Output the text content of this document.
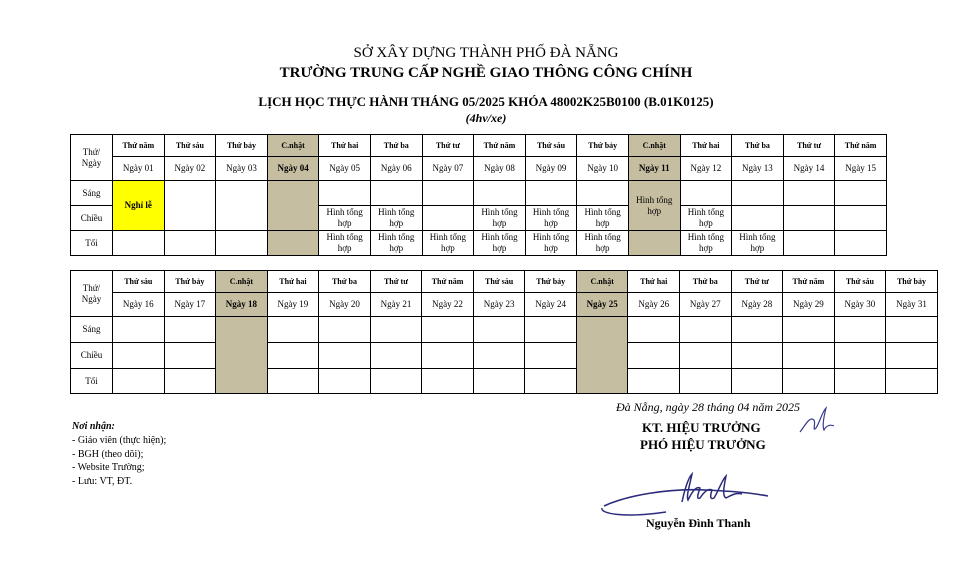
SỞ XÂY DỰNG THÀNH PHỐ ĐÀ NẴNG
TRƯỜNG TRUNG CẤP NGHỀ GIAO THÔNG CÔNG CHÍNH
LỊCH HỌC THỰC HÀNH THÁNG 05/2025 KHÓA 48002K25B0100 (B.01K0125)
(4hv/xe)
Thứ/
Ngày	Thứ năm	Thứ sáu	Thứ bảy	C.nhật	Thứ hai	Thứ ba	Thứ tư	Thứ năm	Thứ sáu	Thứ bảy	C.nhật	Thứ hai	Thứ ba	Thứ tư	Thứ năm
	Ngày 01	Ngày 02	Ngày 03	Ngày 04	Ngày 05	Ngày 06	Ngày 07	Ngày 08	Ngày 09	Ngày 10	Ngày 11	Ngày 12	Ngày 13	Ngày 14	Ngày 15
Sáng	Nghỉ lễ										Hình tổng hợp				
Chiều					Hình tổng hợp	Hình tổng hợp		Hình tổng hợp	Hình tổng hợp	Hình tổng hợp		Hình tổng hợp			
Tối					Hình tổng hợp	Hình tổng hợp	Hình tổng hợp	Hình tổng hợp	Hình tổng hợp	Hình tổng hợp		Hình tổng hợp	Hình tổng hợp		
Thứ/
Ngày	Thứ sáu	Thứ bảy	C.nhật	Thứ hai	Thứ ba	Thứ tư	Thứ năm	Thứ sáu	Thứ bảy	C.nhật	Thứ hai	Thứ ba	Thứ tư	Thứ năm	Thứ sáu	Thứ bảy
	Ngày 16	Ngày 17	Ngày 18	Ngày 19	Ngày 20	Ngày 21	Ngày 22	Ngày 23	Ngày 24	Ngày 25	Ngày 26	Ngày 27	Ngày 28	Ngày 29	Ngày 30	Ngày 31
Sáng																
Chiều																
Tối																
Đà Nẵng, ngày 28 tháng 04 năm 2025
KT. HIỆU TRƯỞNG
PHÓ HIỆU TRƯỞNG
Nguyễn Đình Thanh
Nơi nhận:
- Giáo viên (thực hiện);
- BGH (theo dõi);
- Website Trường;
- Lưu: VT, ĐT.
